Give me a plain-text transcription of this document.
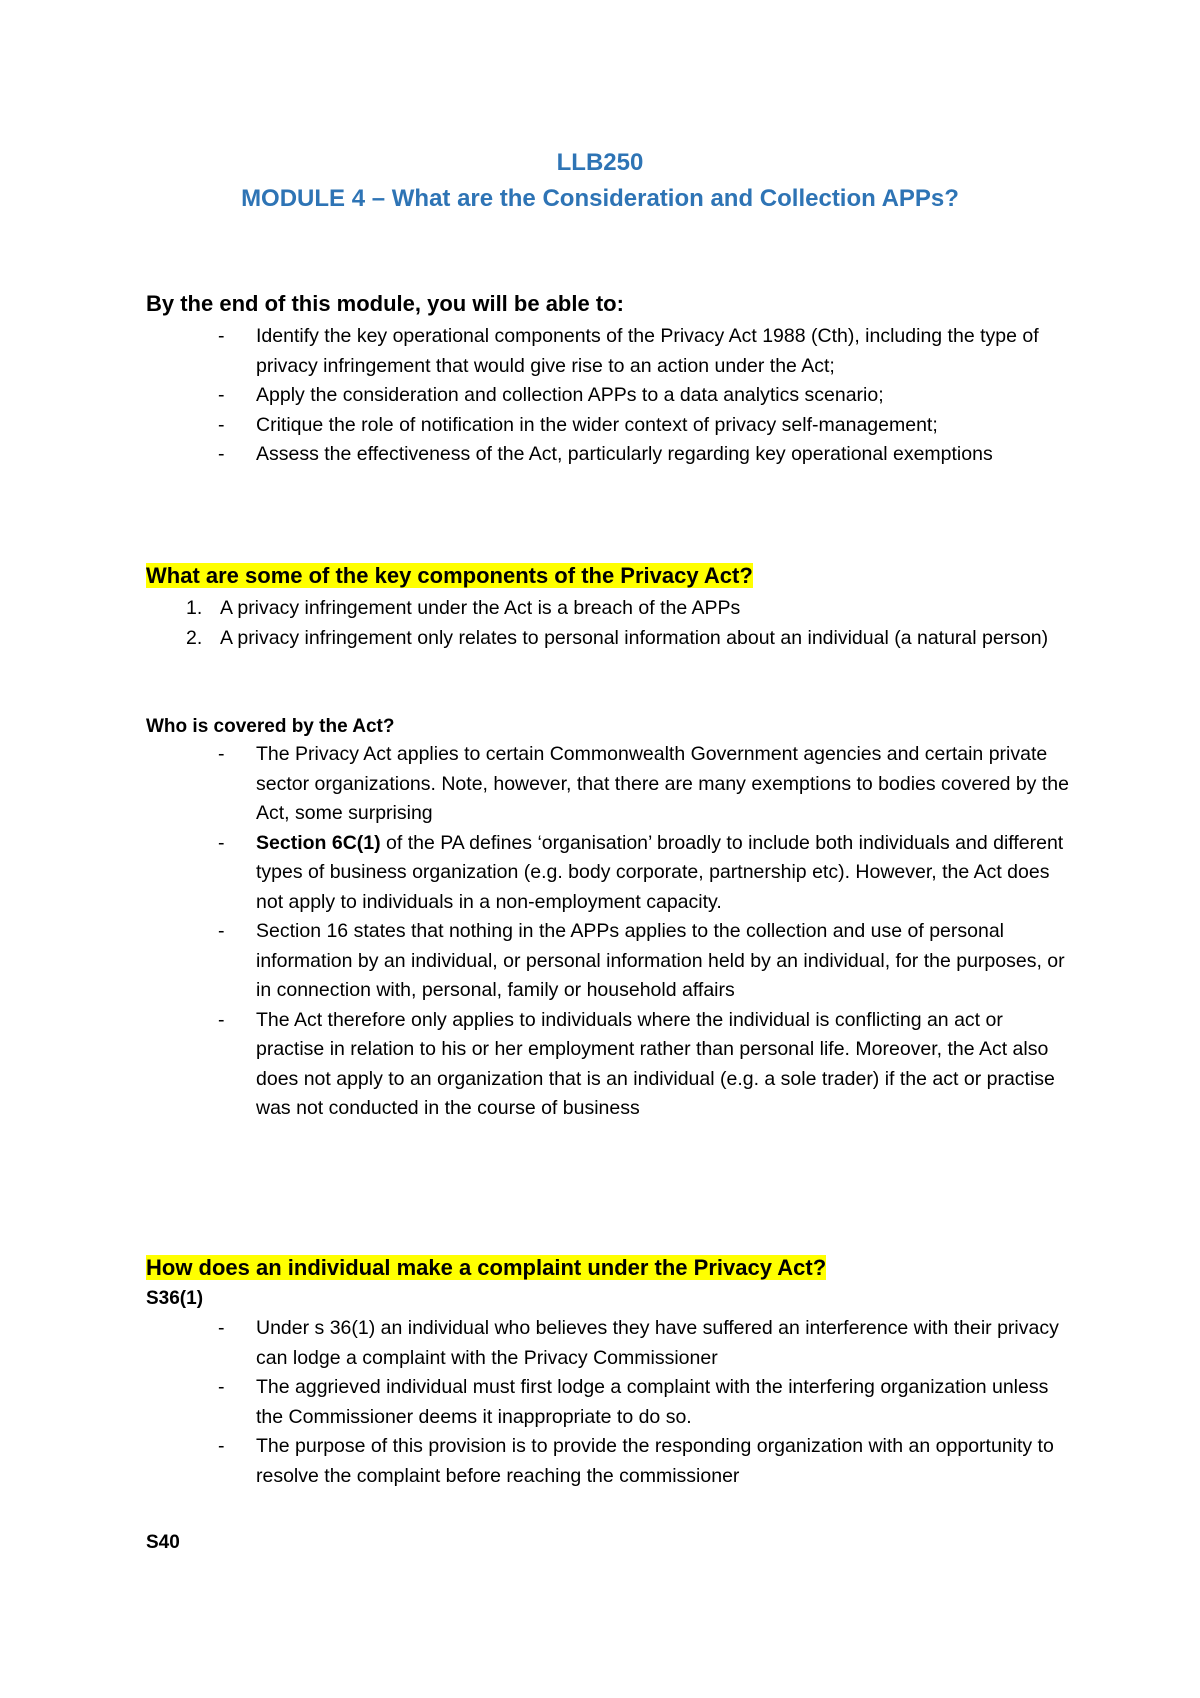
LLB250
MODULE 4 – What are the Consideration and Collection APPs?
By the end of this module, you will be able to:
- Identify the key operational components of the Privacy Act 1988 (Cth), including the type of privacy infringement that would give rise to an action under the Act;
- Apply the consideration and collection APPs to a data analytics scenario;
- Critique the role of notification in the wider context of privacy self-management;
- Assess the effectiveness of the Act, particularly regarding key operational exemptions
What are some of the key components of the Privacy Act?
1. A privacy infringement under the Act is a breach of the APPs
2. A privacy infringement only relates to personal information about an individual (a natural person)
Who is covered by the Act?
- The Privacy Act applies to certain Commonwealth Government agencies and certain private sector organizations. Note, however, that there are many exemptions to bodies covered by the Act, some surprising
- Section 6C(1) of the PA defines ‘organisation’ broadly to include both individuals and different types of business organization (e.g. body corporate, partnership etc). However, the Act does not apply to individuals in a non-employment capacity.
- Section 16 states that nothing in the APPs applies to the collection and use of personal information by an individual, or personal information held by an individual, for the purposes, or in connection with, personal, family or household affairs
- The Act therefore only applies to individuals where the individual is conflicting an act or practise in relation to his or her employment rather than personal life. Moreover, the Act also does not apply to an organization that is an individual (e.g. a sole trader) if the act or practise was not conducted in the course of business
How does an individual make a complaint under the Privacy Act?
S36(1)
- Under s 36(1) an individual who believes they have suffered an interference with their privacy can lodge a complaint with the Privacy Commissioner
- The aggrieved individual must first lodge a complaint with the interfering organization unless the Commissioner deems it inappropriate to do so.
- The purpose of this provision is to provide the responding organization with an opportunity to resolve the complaint before reaching the commissioner
S40
